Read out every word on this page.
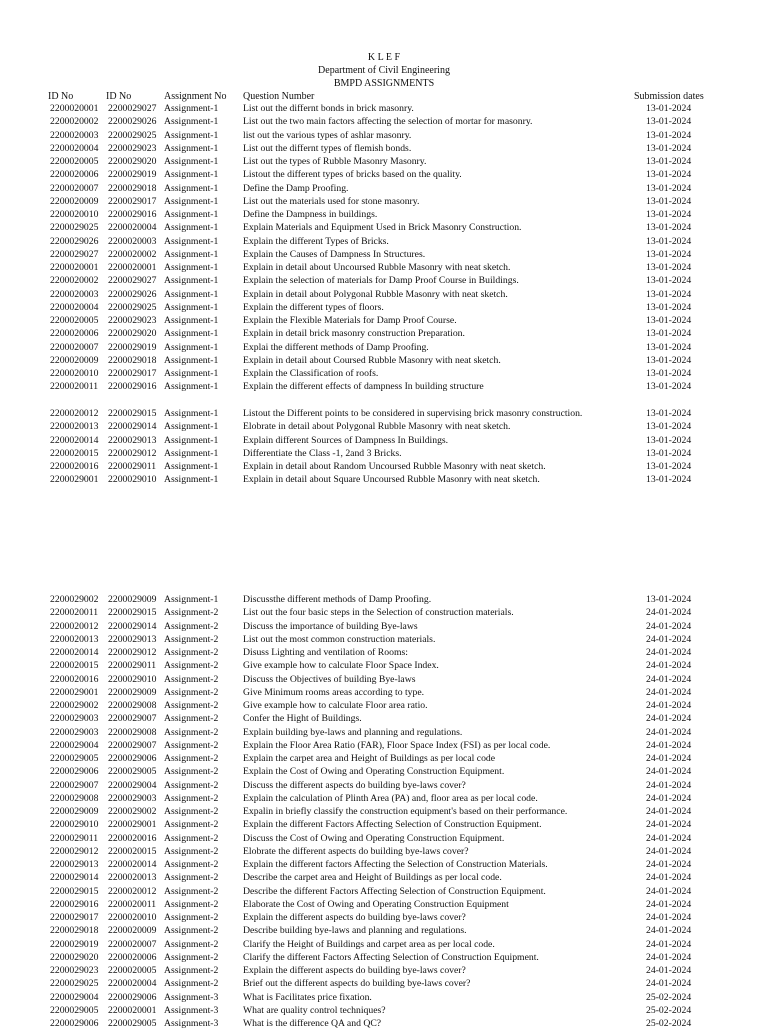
K L E F
Department of Civil Engineering
BMPD ASSIGNMENTS
ID No	ID No	Assignment No Question Number	Submission dates
2200020001 2200029027 Assignment-1	List out the differnt bonds in brick masonry.	13-01-2024
2200020002 2200029026 Assignment-1	List out the two main factors affecting the selection of mortar for masonry.	13-01-2024
2200020003 2200029025 Assignment-1	list out the various types of ashlar masonry.	13-01-2024
2200020004 2200029023 Assignment-1	List out the differnt types of flemish bonds.	13-01-2024
2200020005 2200029020 Assignment-1	List out the types of Rubble Masonry Masonry.	13-01-2024
2200020006 2200029019 Assignment-1	Listout the different types of bricks based on the quality.	13-01-2024
2200020007 2200029018 Assignment-1	Define the Damp Proofing.	13-01-2024
2200020009 2200029017 Assignment-1	List out the materials used for stone masonry.	13-01-2024
2200020010 2200029016 Assignment-1	Define the Dampness in buildings.	13-01-2024
2200029025 2200020004 Assignment-1	Explain Materials and Equipment Used in Brick Masonry Construction.	13-01-2024
2200029026 2200020003 Assignment-1	Explain the different Types of Bricks.	13-01-2024
2200029027 2200020002 Assignment-1	Explain the Causes of Dampness In Structures.	13-01-2024
2200020001 2200020001 Assignment-1	Explain in detail about Uncoursed Rubble Masonry with neat sketch.	13-01-2024
2200020002 2200029027 Assignment-1	Explain the selection of materials for Damp Proof Course in Buildings.	13-01-2024
2200020003 2200029026 Assignment-1	Explain in detail about Polygonal Rubble Masonry with neat sketch.	13-01-2024
2200020004 2200029025 Assignment-1	Explain the different types of floors.	13-01-2024
2200020005 2200029023 Assignment-1	Explain the Flexible Materials for Damp Proof Course.	13-01-2024
2200020006 2200029020 Assignment-1	Explain in detail brick masonry construction Preparation.	13-01-2024
2200020007 2200029019 Assignment-1	Explai the different methods of Damp Proofing.	13-01-2024
2200020009 2200029018 Assignment-1	Explain in detail about Coursed Rubble Masonry with neat sketch.	13-01-2024
2200020010 2200029017 Assignment-1	Explain the Classification of roofs.	13-01-2024
2200020011	2200029016 Assignment-1	Explain the different effects of dampness In building structure	13-01-2024
2200020012 2200029015 Assignment-1	Listout the Different points to be considered in supervising brick masonry construction.	13-01-2024
2200020013 2200029014 Assignment-1	Elobrate in detail about Polygonal Rubble Masonry with neat sketch.	13-01-2024
2200020014 2200029013 Assignment-1	Explain different Sources of Dampness In Buildings.	13-01-2024
2200020015 2200029012 Assignment-1	Differentiate the Class -1, 2and 3 Bricks.	13-01-2024
2200020016 2200029011 Assignment-1	Explain in detail about Random Uncoursed Rubble Masonry with neat sketch.	13-01-2024
2200029001 2200029010 Assignment-1	Explain in detail about Square Uncoursed Rubble Masonry with neat sketch.	13-01-2024
2200029002 2200029009 Assignment-1	Discussthe different methods of Damp Proofing.	13-01-2024
2200020011	2200029015 Assignment-2	List out the four basic steps in the Selection of construction materials.	24-01-2024
2200020012 2200029014 Assignment-2	Discuss the importance of building Bye-laws	24-01-2024
2200020013 2200029013 Assignment-2	List out the most common construction materials.	24-01-2024
2200020014 2200029012 Assignment-2	Disuss Lighting and ventilation of Rooms:	24-01-2024
2200020015 2200029011 Assignment-2	Give example how to calculate Floor Space Index.	24-01-2024
2200020016 2200029010 Assignment-2	Discuss the Objectives of building Bye-laws	24-01-2024
2200029001 2200029009 Assignment-2	Give Minimum rooms areas according to type.	24-01-2024
2200029002 2200029008 Assignment-2	Give example how to calculate Floor area ratio.	24-01-2024
2200029003 2200029007 Assignment-2	Confer the Hight of Buildings.	24-01-2024
2200029003 2200029008 Assignment-2	Explain building bye-laws and planning and regulations.	24-01-2024
2200029004 2200029007 Assignment-2	Explain the Floor Area Ratio (FAR), Floor Space Index (FSI) as per local code.	24-01-2024
2200029005 2200029006 Assignment-2	Explain the carpet area and Height of Buildings as per local code	24-01-2024
2200029006 2200029005 Assignment-2	Explain the Cost of Owing and Operating Construction Equipment.	24-01-2024
2200029007 2200029004 Assignment-2	Discuss the different aspects do building bye-laws cover?	24-01-2024
2200029008 2200029003 Assignment-2	Explain the calculation of Plinth Area (PA) and, floor area as per local code.	24-01-2024
2200029009 2200029002 Assignment-2	Expalin in briefly classify the construction equipment's based on their performance.	24-01-2024
2200029010 2200029001 Assignment-2	Explain the different Factors Affecting Selection of Construction Equipment.	24-01-2024
2200029011	2200020016 Assignment-2	Discuss the Cost of Owing and Operating Construction Equipment.	24-01-2024
2200029012 2200020015 Assignment-2	Elobrate the different aspects do building bye-laws cover?	24-01-2024
2200029013 2200020014 Assignment-2	Explain the different factors Affecting the Selection of Construction Materials.	24-01-2024
2200029014 2200020013 Assignment-2	Describe the carpet area and Height of Buildings as per local code.	24-01-2024
2200029015 2200020012 Assignment-2	Describe the different Factors Affecting Selection of Construction Equipment.	24-01-2024
2200029016 2200020011 Assignment-2	Elaborate the Cost of Owing and Operating Construction Equipment	24-01-2024
2200029017 2200020010 Assignment-2	Explain the different aspects do building bye-laws cover?	24-01-2024
2200029018 2200020009 Assignment-2	Describe building bye-laws and planning and regulations.	24-01-2024
2200029019 2200020007 Assignment-2	Clarify the Height of Buildings and carpet area as per local code.	24-01-2024
2200029020 2200020006 Assignment-2	Clarify the different Factors Affecting Selection of Construction Equipment.	24-01-2024
2200029023 2200020005 Assignment-2	Explain the different aspects do building bye-laws cover?	24-01-2024
2200029025 2200020004 Assignment-2	Brief out the different aspects do building bye-laws cover?	24-01-2024
2200029004 2200029006 Assignment-3	What is Facilitates price fixation.	25-02-2024
2200029005 2200020001 Assignment-3	What are quality control techniques?	25-02-2024
2200029006 2200029005 Assignment-3	What is the difference QA and QC?	25-02-2024
